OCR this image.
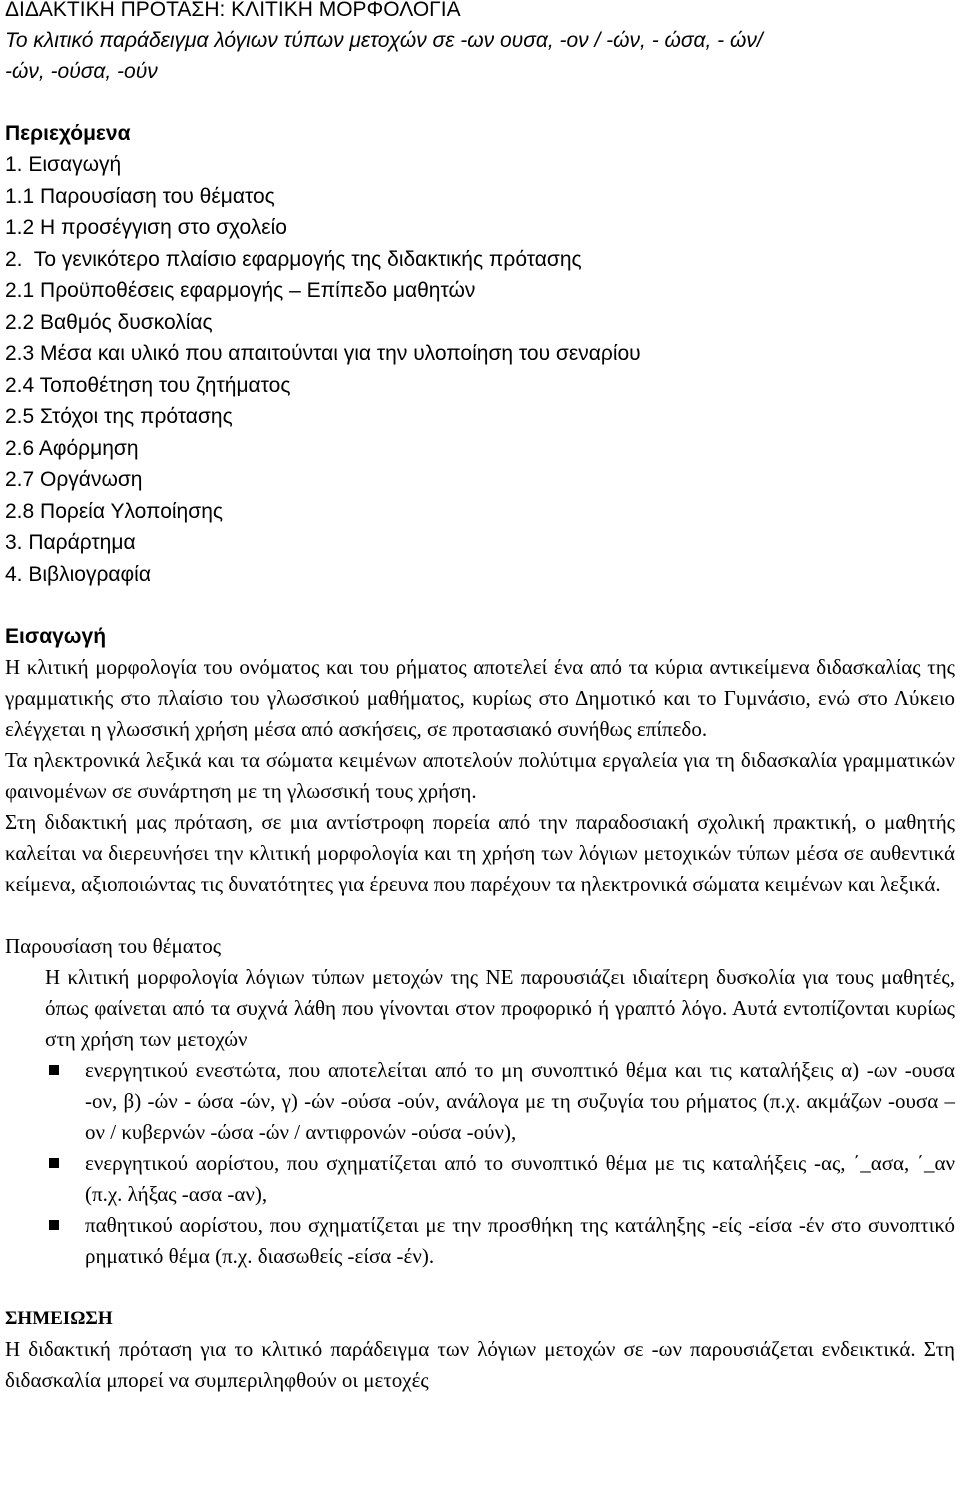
ΔΙΔΑΚΤΙΚΗ ΠΡΟΤΑΣΗ: ΚΛΙΤΙΚΗ ΜΟΡΦΟΛΟΓΙΑ
Το κλιτικό παράδειγμα λόγιων τύπων μετοχών σε -ων ουσα, -ον / -ών, - ώσα, - ών/
-ών, -ούσα, -ούν
Περιεχόμενα
1. Εισαγωγή
1.1 Παρουσίαση του θέματος
1.2 Η προσέγγιση στο σχολείο
2.  Το γενικότερο πλαίσιο εφαρμογής της διδακτικής πρότασης
2.1 Προϋποθέσεις εφαρμογής – Επίπεδο μαθητών
2.2 Βαθμός δυσκολίας
2.3 Μέσα και υλικό που απαιτούνται για την υλοποίηση του σεναρίου
2.4 Τοποθέτηση του ζητήματος
2.5 Στόχοι της πρότασης
2.6 Αφόρμηση
2.7 Οργάνωση
2.8 Πορεία Υλοποίησης
3. Παράρτημα
4. Βιβλιογραφία
Εισαγωγή

Η κλιτική μορφολογία του ονόματος και του ρήματος αποτελεί ένα από τα κύρια αντικείμενα διδασκαλίας της γραμματικής στο πλαίσιο του γλωσσικού μαθήματος, κυρίως στο Δημοτικό και το Γυμνάσιο, ενώ στο Λύκειο ελέγχεται η γλωσσική χρήση μέσα από ασκήσεις, σε προτασιακό συνήθως επίπεδο.

Τα ηλεκτρονικά λεξικά και τα σώματα κειμένων αποτελούν πολύτιμα εργαλεία για τη διδασκαλία γραμματικών φαινομένων σε συνάρτηση με τη γλωσσική τους χρήση.

Στη διδακτική μας πρόταση, σε μια αντίστροφη πορεία από την παραδοσιακή σχολική πρακτική, ο μαθητής καλείται να διερευνήσει την κλιτική μορφολογία και τη χρήση των λόγιων μετοχικών τύπων μέσα σε αυθεντικά κείμενα, αξιοποιώντας τις δυνατότητες για έρευνα που παρέχουν τα ηλεκτρονικά σώματα κειμένων και λεξικά.

Παρουσίαση του θέματος

Η κλιτική μορφολογία λόγιων τύπων μετοχών της ΝΕ παρουσιάζει ιδιαίτερη δυσκολία για τους μαθητές, όπως φαίνεται από τα συχνά λάθη που γίνονται στον προφορικό ή γραπτό λόγο. Αυτά εντοπίζονται κυρίως στη χρήση των μετοχών

ενεργητικού ενεστώτα, που αποτελείται από το μη συνοπτικό θέμα και τις καταλήξεις α) -ων -ουσα -ον, β) -ών - ώσα -ών, γ) -ών -ούσα -ούν, ανάλογα με τη συζυγία του ρήματος (π.χ. ακμάζων -ουσα –ον / κυβερνών -ώσα -ών / αντιφρονών -ούσα -ούν),
ενεργητικού αορίστου, που σχηματίζεται από το συνοπτικό θέμα με τις καταλήξεις -ας, ΄_ασα, ΄_αν (π.χ. λήξας -ασα -αν),
παθητικού αορίστου, που σχηματίζεται με την προσθήκη της κατάληξης -είς -είσα -έν στο συνοπτικό ρηματικό θέμα (π.χ. διασωθείς -είσα -έν).
ΣΗΜΕΙΩΣΗ

Η διδακτική πρόταση για το κλιτικό παράδειγμα των λόγιων μετοχών σε -ων παρουσιάζεται ενδεικτικά. Στη διδασκαλία μπορεί να συμπεριληφθούν οι μετοχές
